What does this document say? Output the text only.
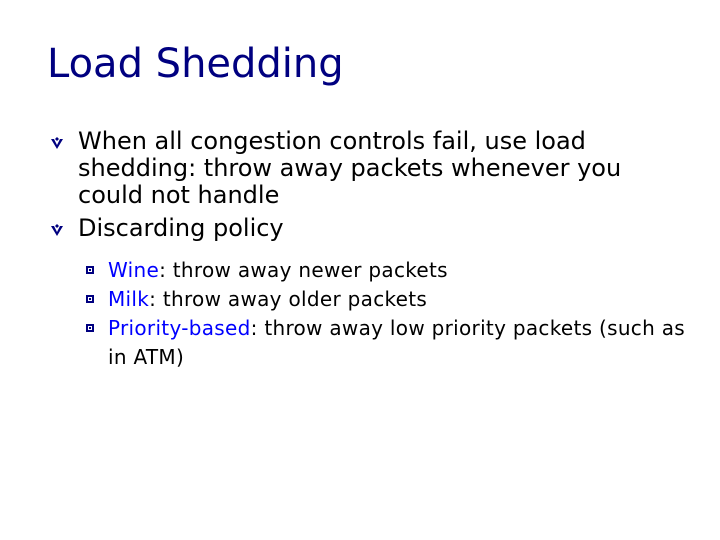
Load Shedding
When all congestion controls fail, use load shedding: throw away packets whenever you could not handle
Discarding policy
Wine: throw away newer packets
Milk: throw away older packets
Priority-based: throw away low priority packets (such as in ATM)
